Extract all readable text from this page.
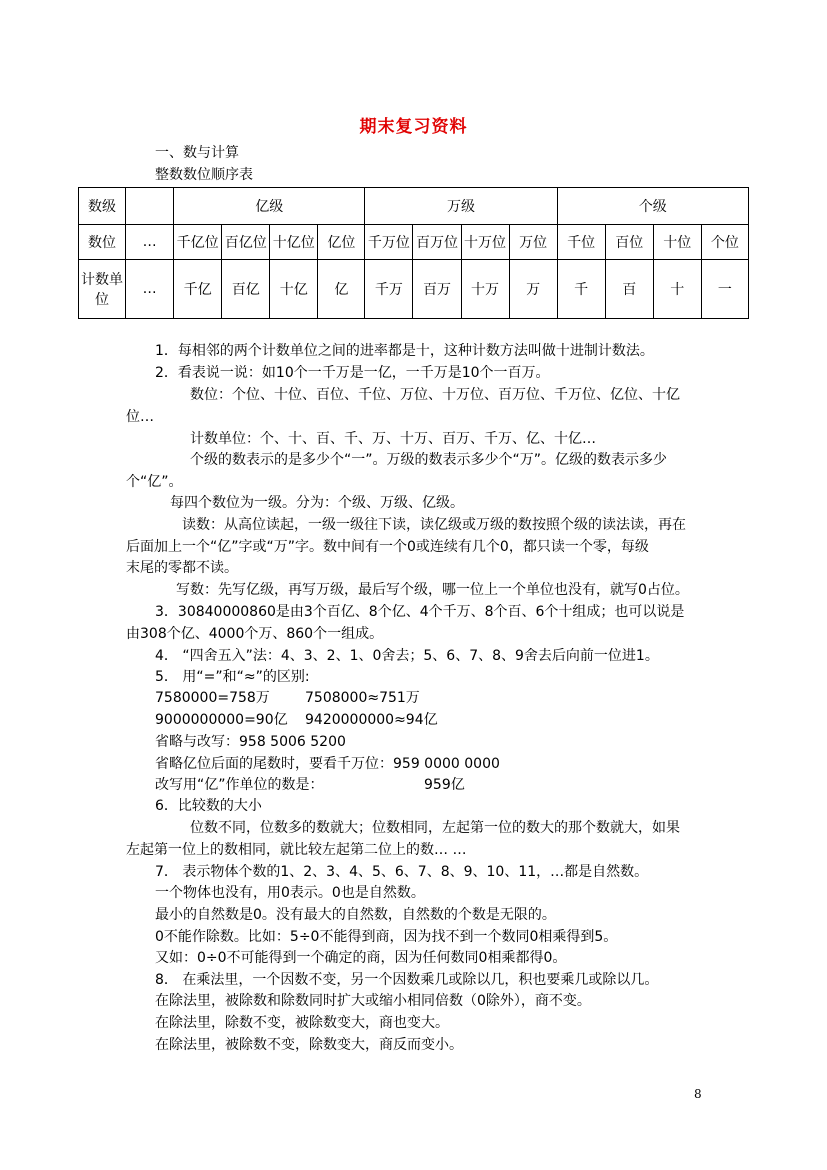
期末复习资料
一、数与计算
整数数位顺序表
数级		亿级				万级				个级			
数位	…	千亿位	百亿位	十亿位	亿位	千万位	百万位	十万位	万位	千位	百位	十位	个位
计数单位	…	千亿	百亿	十亿	亿	千万	百万	十万	万	千	百	十	一
1．每相邻的两个计数单位之间的进率都是十，这种计数方法叫做十进制计数法。
2．看表说一说：如10个一千万是一亿，一千万是10个一百万。
数位：个位、十位、百位、千位、万位、十万位、百万位、千万位、亿位、十亿
位…
计数单位：个、十、百、千、万、十万、百万、千万、亿、十亿…
个级的数表示的是多少个“一”。万级的数表示多少个“万”。亿级的数表示多少
个“亿”。
每四个数位为一级。分为：个级、万级、亿级。
读数：从高位读起，一级一级往下读，读亿级或万级的数按照个级的读法读，再在
后面加上一个“亿”字或“万”字。数中间有一个0或连续有几个0，都只读一个零，每级
末尾的零都不读。
写数：先写亿级，再写万级，最后写个级，哪一位上一个单位也没有，就写0占位。
3．30840000860是由3个百亿、8个亿、4个千万、8个百、6个十组成；也可以说是
由308个亿、4000个万、860个一组成。
4． “四舍五入”法：4、3、2、1、0舍去；5、6、7、8、9舍去后向前一位进1。
5． 用“=”和“≈”的区别:
7580000=758万	7508000≈751万
9000000000=90亿 9420000000≈94亿
省略与改写：958 5006 5200
省略亿位后面的尾数时，要看千万位：959 0000 0000
改写用“亿”作单位的数是：	959亿
6．比较数的大小
位数不同，位数多的数就大；位数相同，左起第一位的数大的那个数就大，如果
左起第一位上的数相同，就比较左起第二位上的数… …
7． 表示物体个数的1、2、3、4、5、6、7、8、9、10、11，…都是自然数。
一个物体也没有，用0表示。0也是自然数。
最小的自然数是0。没有最大的自然数，自然数的个数是无限的。
0不能作除数。比如：5÷0不能得到商，因为找不到一个数同0相乘得到5。
又如：0÷0不可能得到一个确定的商，因为任何数同0相乘都得0。
8． 在乘法里，一个因数不变，另一个因数乘几或除以几，积也要乘几或除以几。
在除法里，被除数和除数同时扩大或缩小相同倍数（0除外），商不变。
在除法里，除数不变，被除数变大，商也变大。
在除法里，被除数不变，除数变大，商反而变小。
8
